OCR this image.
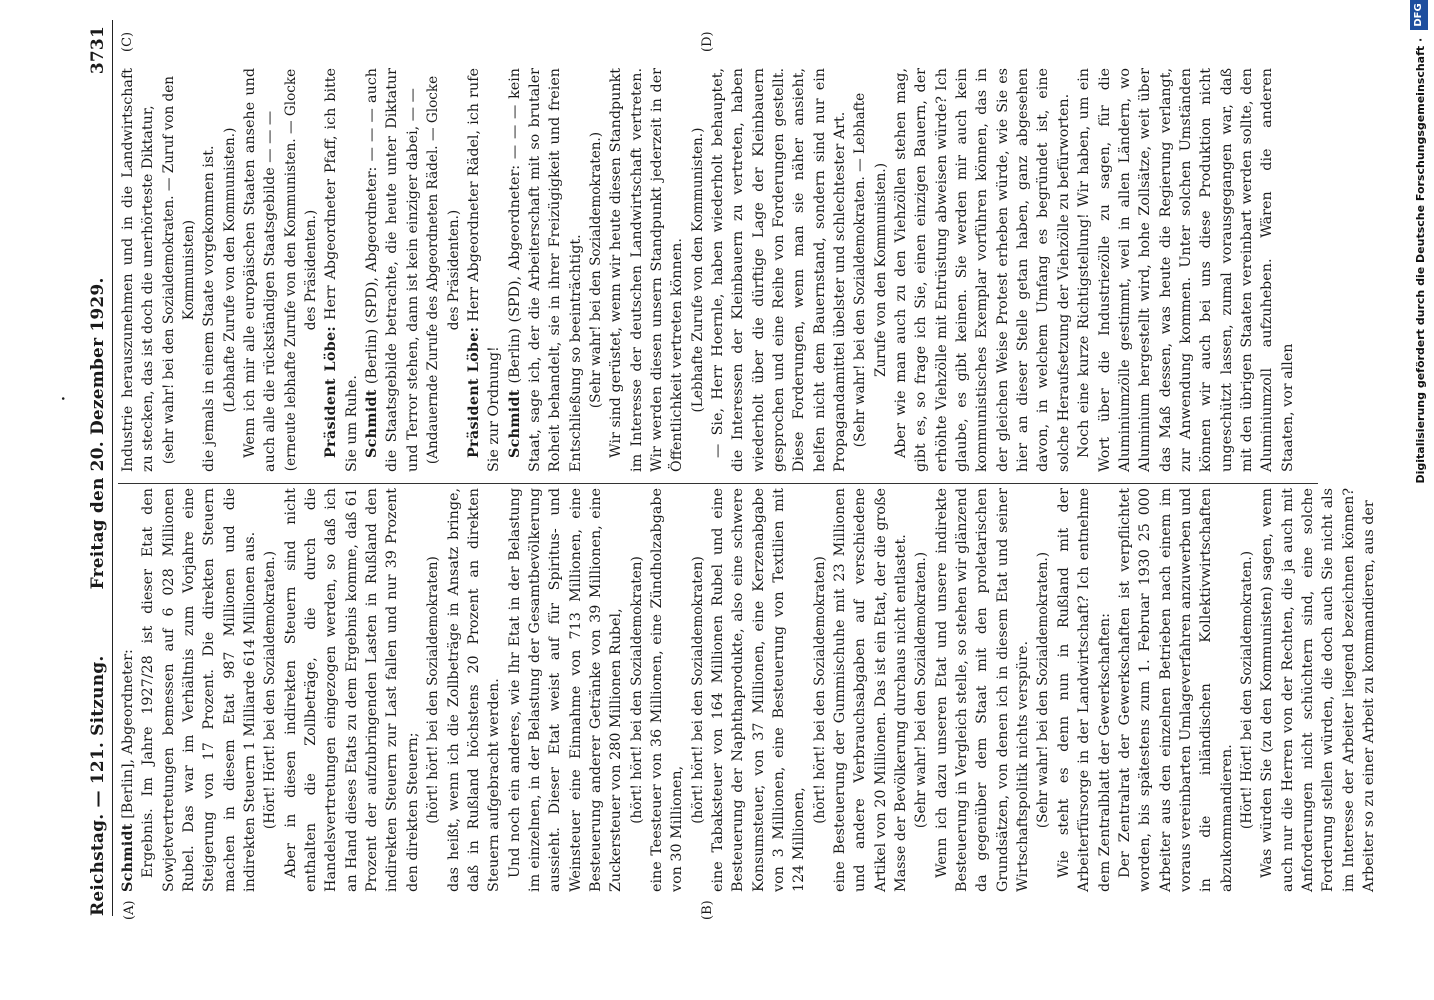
·
Reichstag. — 121. Sitzung. Freitag den 20. Dezember 1929.
3731
(A)	(B)
(C)	(D)

Schmidt [Berlin], Abgeordneter: Ergebnis. Im Jahre 1927/28 ist dieser Etat den Sowjetvertretungen bemessen auf 6 028 Millionen Rubel. Das war im Verhältnis zum Vorjahre eine Steigerung von 17 Prozent. Die direkten Steuern machen in diesem Etat 987 Millionen und die indirekten Steuern 1 Milliarde 614 Millionen aus. (Hört! Hört! bei den Sozialdemokraten.) Aber in diesen indirekten Steuern sind nicht enthalten die Zollbeträge, die durch die Handelsvertretungen eingezogen werden, so daß ich an Hand dieses Etats zu dem Ergebnis komme, daß 61 Prozent der aufzubringenden Lasten in Rußland den indirekten Steuern zur Last fallen und nur 39 Prozent den direkten Steuern; (hört! hört! bei den Sozialdemokraten) das heißt, wenn ich die Zollbeträge in Ansatz bringe, daß in Rußland höchstens 20 Prozent an direkten Steuern aufgebracht werden. Und noch ein anderes, wie Ihr Etat in der Belastung im einzelnen, in der Belastung der Gesamtbevölkerung aussieht. Dieser Etat weist auf für Spiritus- und Weinsteuer eine Einnahme von 713 Millionen, eine Besteuerung anderer Getränke von 39 Millionen, eine Zuckersteuer von 280 Millionen Rubel, (hört! hört! bei den Sozialdemokraten) eine Teesteuer von 36 Millionen, eine Zündholzabgabe von 30 Millionen,

(hört! hört! bei den Sozialdemokraten) eine Tabaksteuer von 164 Millionen Rubel und eine Besteuerung der Naphthaprodukte, also eine schwere Konsumsteuer, von 37 Millionen, eine Kerzenabgabe von 3 Millionen, eine Besteuerung von Textilien mit 124 Millionen,

(hört! hört! bei den Sozialdemokraten) eine Besteuerung der Gummischuhe mit 23 Millionen und andere Verbrauchsabgaben auf verschiedene Artikel von 20 Millionen. Das ist ein Etat, der die große Masse der Bevölkerung durchaus nicht entlastet. (Sehr wahr! bei den Sozialdemokraten.) Wenn ich dazu unseren Etat und unsere indirekte Besteuerung in Vergleich stelle, so stehen wir glänzend da gegenüber dem Staat mit den proletarischen Grundsätzen, von denen ich in diesem Etat und seiner Wirtschaftspolitik nichts verspüre. (Sehr wahr! bei den Sozialdemokraten.) Wie steht es denn nun in Rußland mit der Arbeiterfürsorge in der Landwirtschaft? Ich entnehme dem Zentralblatt der Gewerkschaften: Der Zentralrat der Gewerkschaften ist verpflichtet worden, bis spätestens zum 1. Februar 1930 25 000 Arbeiter aus den einzelnen Betrieben nach einem im voraus vereinbarten Umlageverfahren anzuwerben und in die inländischen Kollektivwirtschaften abzukommandieren. (Hört! Hört! bei den Sozialdemokraten.) Was würden Sie (zu den Kommunisten) sagen, wenn auch nur die Herren von der Rechten, die ja auch mit Anforderungen nicht schüchtern sind, eine solche Forderung stellen würden, die doch auch Sie nicht als im Interesse der Arbeiter liegend bezeichnen können? Arbeiter so zu einer Arbeit zu kommandieren, aus der

Industrie herauszunehmen und in die Landwirtschaft zu stecken, das ist doch die unerhörteste Diktatur, (sehr wahr! bei den Sozialdemokraten. — Zuruf von den Kommunisten) die jemals in einem Staate vorgekommen ist. (Lebhafte Zurufe von den Kommunisten.) Wenn ich mir alle europäischen Staaten ansehe und auch alle die rückständigen Staatsgebilde — — — (erneute lebhafte Zurufe von den Kommunisten. — Glocke des Präsidenten.)

Präsident Löbe: Herr Abgeordneter Pfaff, ich bitte Sie um Ruhe. Schmidt (Berlin) (SPD), Abgeordneter: — — — auch die Staatsgebilde betrachte, die heute unter Diktatur und Terror stehen, dann ist kein einziger dabei, — — (Andauernde Zurufe des Abgeordneten Rädel. — Glocke des Präsidenten.)

Präsident Löbe: Herr Abgeordneter Rädel, ich rufe Sie zur Ordnung! Schmidt (Berlin) (SPD), Abgeordneter: — — — kein Staat, sage ich, der die Arbeiterschaft mit so brutaler Roheit behandelt, sie in ihrer Freizügigkeit und freien Entschließung so beeinträchtigt. (Sehr wahr! bei den Sozialdemokraten.) Wir sind gerüstet, wenn wir heute diesen Standpunkt im Interesse der deutschen Landwirtschaft vertreten. Wir werden diesen unsern Standpunkt jederzeit in der Öffentlichkeit vertreten können. (Lebhafte Zurufe von den Kommunisten.) — Sie, Herr Hoernle, haben wiederholt behauptet, die Interessen der Kleinbauern zu vertreten, haben wiederholt über die dürftige Lage der Kleinbauern gesprochen und eine Reihe von Forderungen gestellt. Diese Forderungen, wenn man sie näher ansieht, helfen nicht dem Bauernstand, sondern sind nur ein Propagandamittel übelster und schlechtester Art. (Sehr wahr! bei den Sozialdemokraten. — Lebhafte Zurufe von den Kommunisten.) Aber wie man auch zu den Viehzöllen stehen mag, gibt es, so frage ich Sie, einen einzigen Bauern, der erhöhte Viehzölle mit Entrüstung abweisen würde? Ich glaube, es gibt keinen. Sie werden mir auch kein kommunistisches Exemplar vorführen können, das in der gleichen Weise Protest erheben würde, wie Sie es hier an dieser Stelle getan haben, ganz abgesehen davon, in welchem Umfang es begründet ist, eine solche Heraufsetzung der Viehzölle zu befürworten. Noch eine kurze Richtigstellung! Wir haben, um ein Wort über die Industriezölle zu sagen, für die Aluminiumzölle gestimmt, weil in allen Ländern, wo Aluminium hergestellt wird, hohe Zollsätze, weit über das Maß dessen, was heute die Regierung verlangt, zur Anwendung kommen. Unter solchen Umständen können wir auch bei uns diese Produktion nicht ungeschützt lassen, zumal vorausgegangen war, daß mit den übrigen Staaten vereinbart werden sollte, den Aluminiumzoll aufzuheben. Wären die anderen Staaten, vor allen	Digitalisierung gefördert durch die Deutsche Forschungsgemeinschaft ·
DFG
